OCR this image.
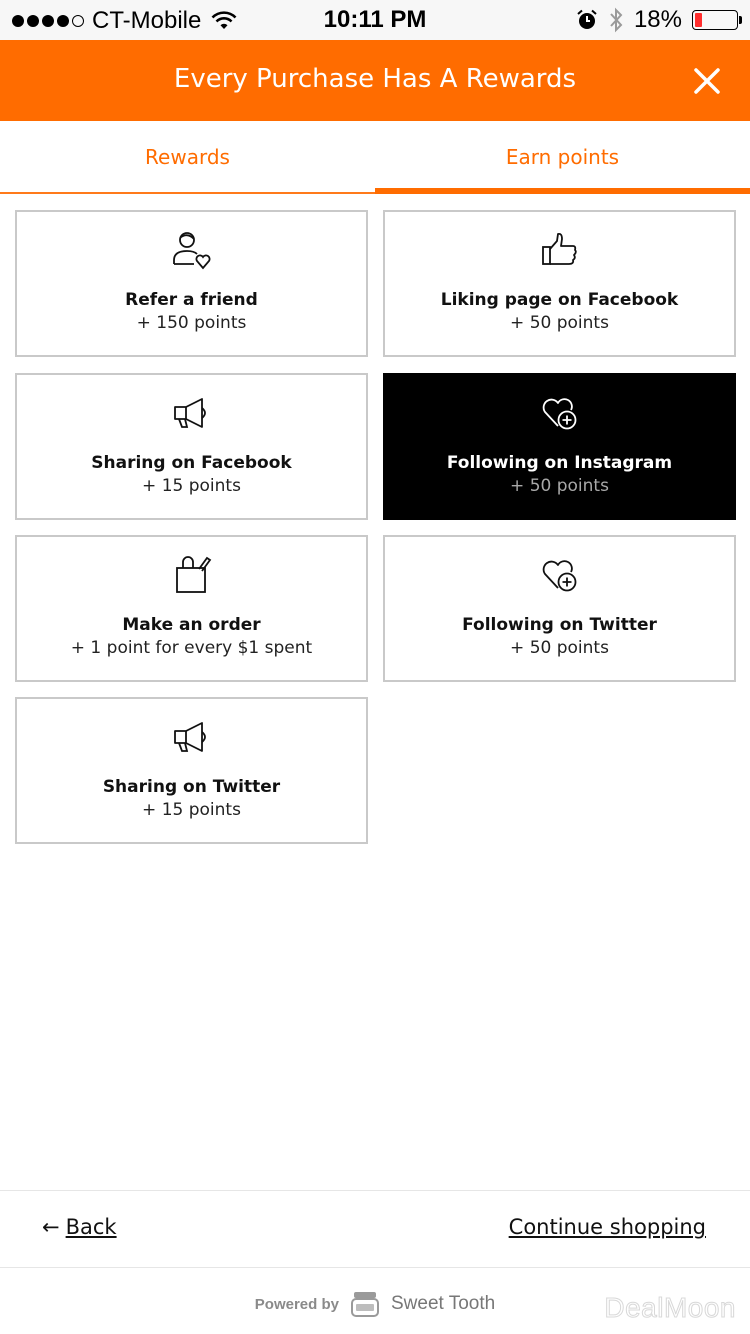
CT-Mobile	10:11 PM	18%
Every Purchase Has A Rewards
Rewards	Earn points
Refer a friend
+ 150 points
Liking page on Facebook
+ 50 points
Sharing on Facebook
+ 15 points
Following on Instagram
+ 50 points
Make an order
+ 1 point for every $1 spent
Following on Twitter
+ 50 points
Sharing on Twitter
+ 15 points
← Back	Continue shopping
Powered by	Sweet Tooth	DealMoon
